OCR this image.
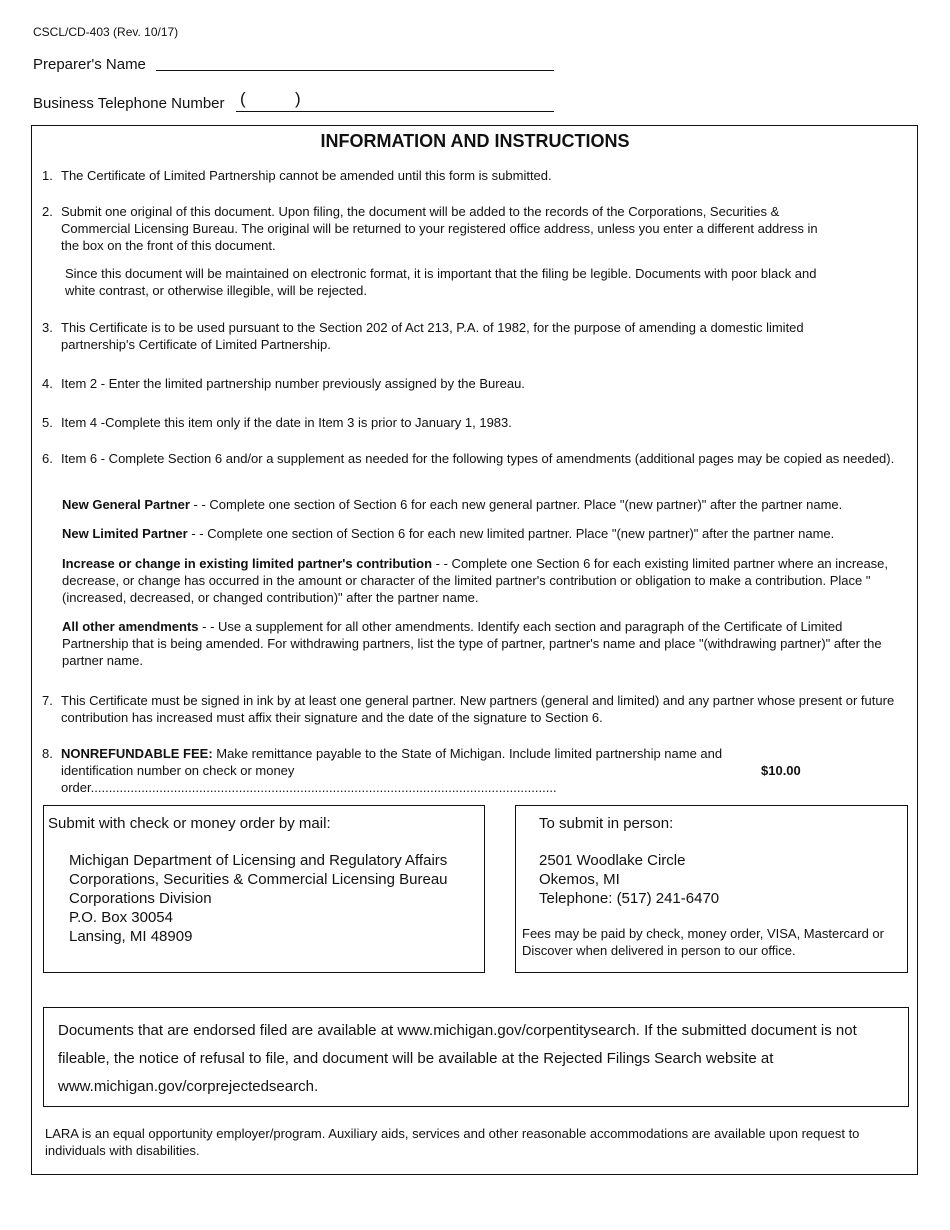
CSCL/CD-403 (Rev. 10/17)
Preparer's Name
Business Telephone Number (	)
INFORMATION AND INSTRUCTIONS
1. The Certificate of Limited Partnership cannot be amended until this form is submitted.
2. Submit one original of this document. Upon filing, the document will be added to the records of the Corporations, Securities & Commercial Licensing Bureau. The original will be returned to your registered office address, unless you enter a different address in the box on the front of this document.
Since this document will be maintained on electronic format, it is important that the filing be legible. Documents with poor black and white contrast, or otherwise illegible, will be rejected.
3. This Certificate is to be used pursuant to the Section 202 of Act 213, P.A. of 1982, for the purpose of amending a domestic limited partnership's Certificate of Limited Partnership.
4. Item 2 - Enter the limited partnership number previously assigned by the Bureau.
5. Item 4 -Complete this item only if the date in Item 3 is prior to January 1, 1983.
6. Item 6 - Complete Section 6 and/or a supplement as needed for the following types of amendments (additional pages may be copied as needed).
New General Partner - - Complete one section of Section 6 for each new general partner. Place "(new partner)" after the partner name.
New Limited Partner - - Complete one section of Section 6 for each new limited partner. Place "(new partner)" after the partner name.
Increase or change in existing limited partner's contribution - - Complete one Section 6 for each existing limited partner where an increase, decrease, or change has occurred in the amount or character of the limited partner's contribution or obligation to make a contribution. Place "(increased, decreased, or changed contribution)" after the partner name.
All other amendments - - Use a supplement for all other amendments. Identify each section and paragraph of the Certificate of Limited Partnership that is being amended. For withdrawing partners, list the type of partner, partner's name and place "(withdrawing partner)" after the partner name.
7. This Certificate must be signed in ink by at least one general partner. New partners (general and limited) and any partner whose present or future contribution has increased must affix their signature and the date of the signature to Section 6.
8. NONREFUNDABLE FEE: Make remittance payable to the State of Michigan. Include limited partnership name and identification number on check or money order.................................................................................................................................
$10.00
Submit with check or money order by mail:
Michigan Department of Licensing and Regulatory Affairs
Corporations, Securities & Commercial Licensing Bureau
Corporations Division
P.O. Box 30054
Lansing, MI 48909
To submit in person:
2501 Woodlake Circle
Okemos, MI
Telephone: (517) 241-6470
Fees may be paid by check, money order, VISA, Mastercard or Discover when delivered in person to our office.
Documents that are endorsed filed are available at www.michigan.gov/corpentitysearch. If the submitted document is not fileable, the notice of refusal to file, and document will be available at the Rejected Filings Search website at www.michigan.gov/corprejectedsearch.
LARA is an equal opportunity employer/program. Auxiliary aids, services and other reasonable accommodations are available upon request to individuals with disabilities.
